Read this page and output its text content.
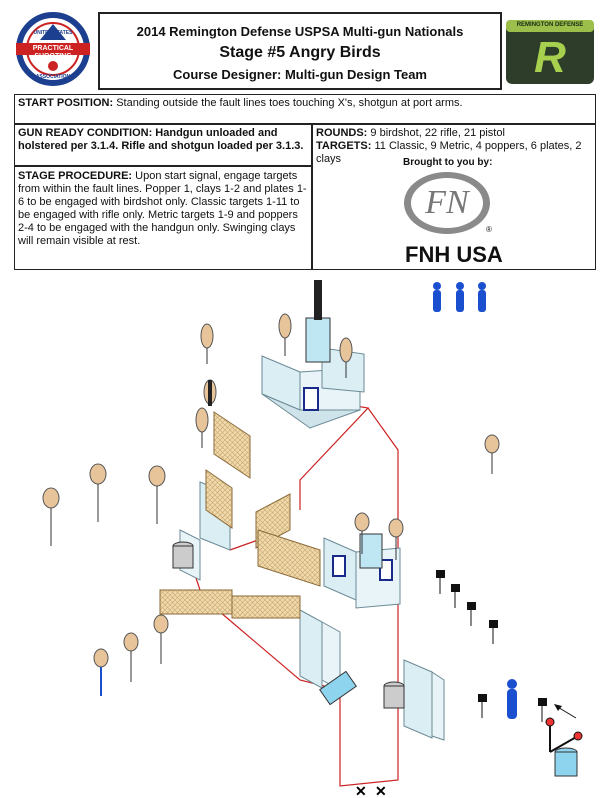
2014 Remington Defense USPSA Multi-gun Nationals
Stage #5 Angry Birds
Course Designer: Multi-gun Design Team
UNITED STATES
PRACTICAL SHOOTING
ASSOCIATION
REMINGTON DEFENSE
R
START POSITION: Standing outside the fault lines toes touching X's, shotgun at port arms.
GUN READY CONDITION: Handgun unloaded and holstered per 3.1.4. Rifle and shotgun loaded per 3.1.3.
STAGE PROCEDURE: Upon start signal, engage targets from within the fault lines. Popper 1, clays 1-2 and plates 1-6 to be engaged with birdshot only. Classic targets 1-11 to be engaged with rifle only. Metric targets 1-9 and poppers 2-4 to be engaged with the handgun only. Swinging clays will remain visible at rest.
ROUNDS: 9 birdshot, 22 rifle, 21 pistol
TARGETS: 11 Classic, 9 Metric, 4 poppers, 6 plates, 2 clays	Brought to you by:
FN
®
FNH USA
✕ ✕
